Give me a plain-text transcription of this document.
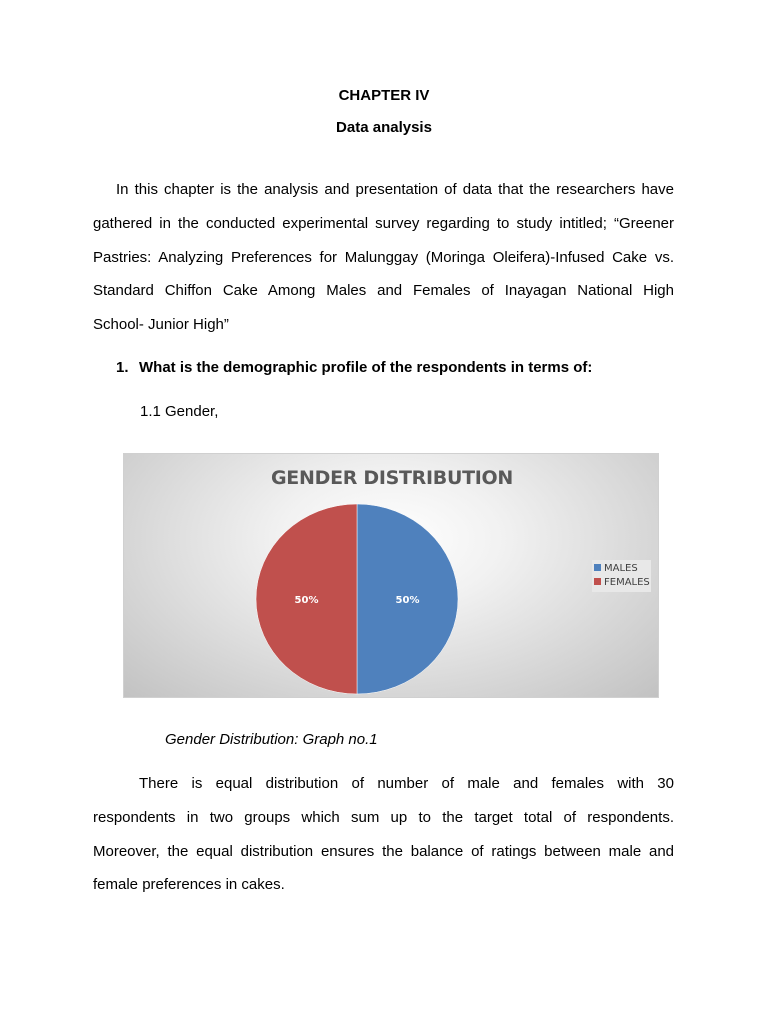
CHAPTER IV
Data analysis
In this chapter is the analysis and presentation of data that the researchers have
gathered in the conducted experimental survey regarding to study intitled; “Greener
Pastries: Analyzing Preferences for Malunggay (Moringa Oleifera)-Infused Cake vs.
Standard Chiffon Cake Among Males and Females of Inayagan National High
School- Junior High”
1. What is the demographic profile of the respondents in terms of:
1.1 Gender,
GENDER DISTRIBUTION
50%
50%
MALES
FEMALES
Gender Distribution: Graph no.1
There is equal distribution of number of male and females with 30
respondents in two groups which sum up to the target total of respondents.
Moreover, the equal distribution ensures the balance of ratings between male and
female preferences in cakes.
